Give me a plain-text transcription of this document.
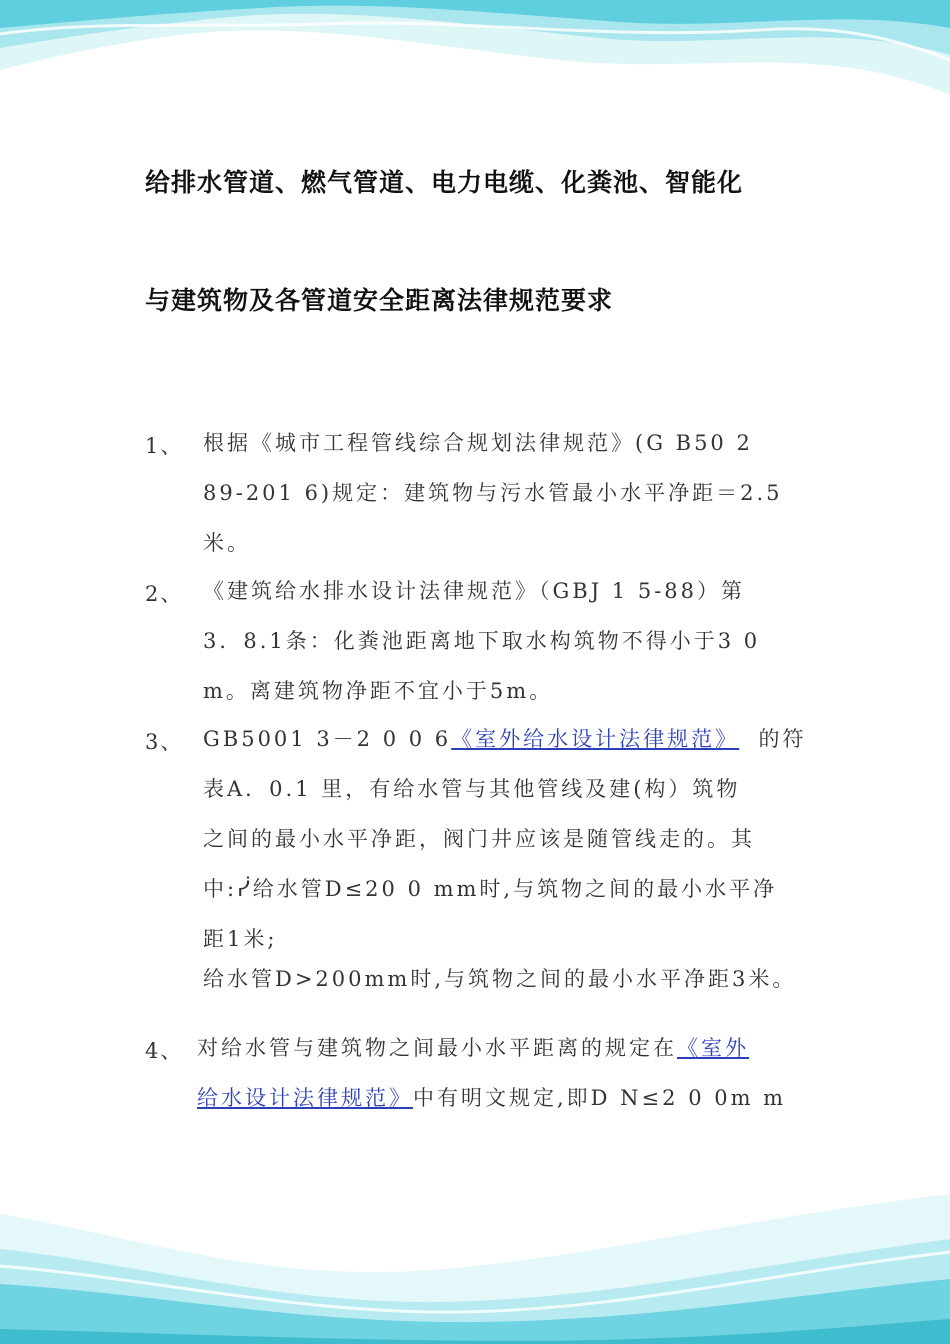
给排水管道、燃气管道、电力电缆、化粪池、智能化
与建筑物及各管道安全距离法律规范要求
1、 根据《城市工程管线综合规划法律规范》(G B50 2
89-201 6)规定：建筑物与污水管最小水平净距＝2.5
米。
2、 《建筑给水排水设计法律规范》（GBJ 1 5-88）第
3．8.1条：化粪池距离地下取水构筑物不得小于3 0
m。离建筑物净距不宜小于5m。
3、 GB5001 3－2 0 0 6《室外给水设计法律规范》  的符
表A．0.1 里，有给水管与其他管线及建(构）筑物
之间的最小水平净距，阀门井应该是随管线走的。其
中:ᓰ给水管D≤20 0 mm时,与筑物之间的最小水平净
距1米;
给水管D>200mm时,与筑物之间的最小水平净距3米。
4、 对给水管与建筑物之间最小水平距离的规定在《室外
给水设计法律规范》中有明文规定,即D N≤2 0 0m m
